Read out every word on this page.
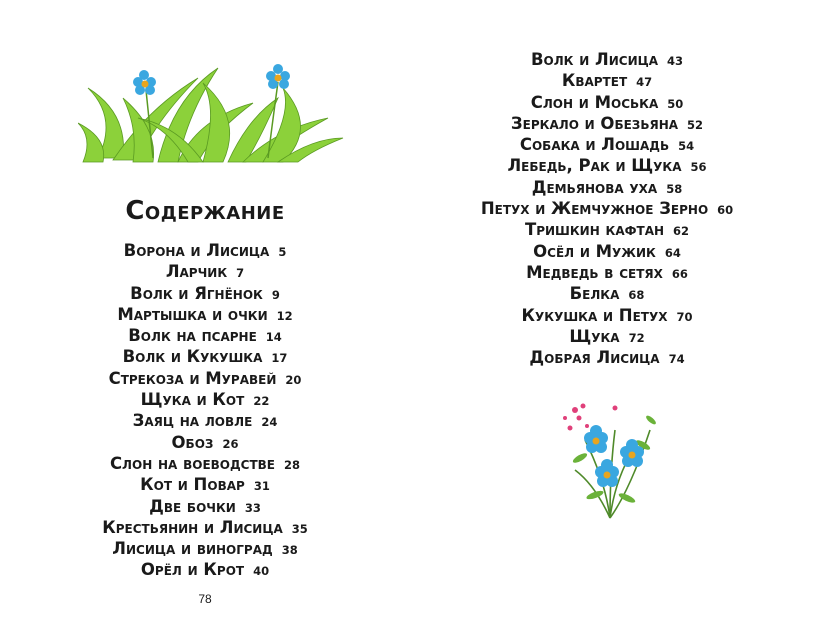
Содержание
Ворона и Лисица 5
Ларчик 7
Волк и Ягнёнок 9
Мартышка и очки 12
Волк на псарне 14
Волк и Кукушка 17
Стрекоза и Муравей 20
Щука и Кот 22
Заяц на ловле 24
Обоз 26
Слон на воеводстве 28
Кот и Повар 31
Две бочки 33
Крестьянин и Лисица 35
Лисица и виноград 38
Орёл и Крот 40
78
Волк и Лисица 43
Квартет 47
Слон и Моська 50
Зеркало и Обезьяна 52
Собака и Лошадь 54
Лебедь, Рак и Щука 56
Демьянова уха 58
Петух и Жемчужное Зерно 60
Тришкин кафтан 62
Осёл и Мужик 64
Медведь в сетях 66
Белка 68
Кукушка и Петух 70
Щука 72
Добрая Лисица 74
